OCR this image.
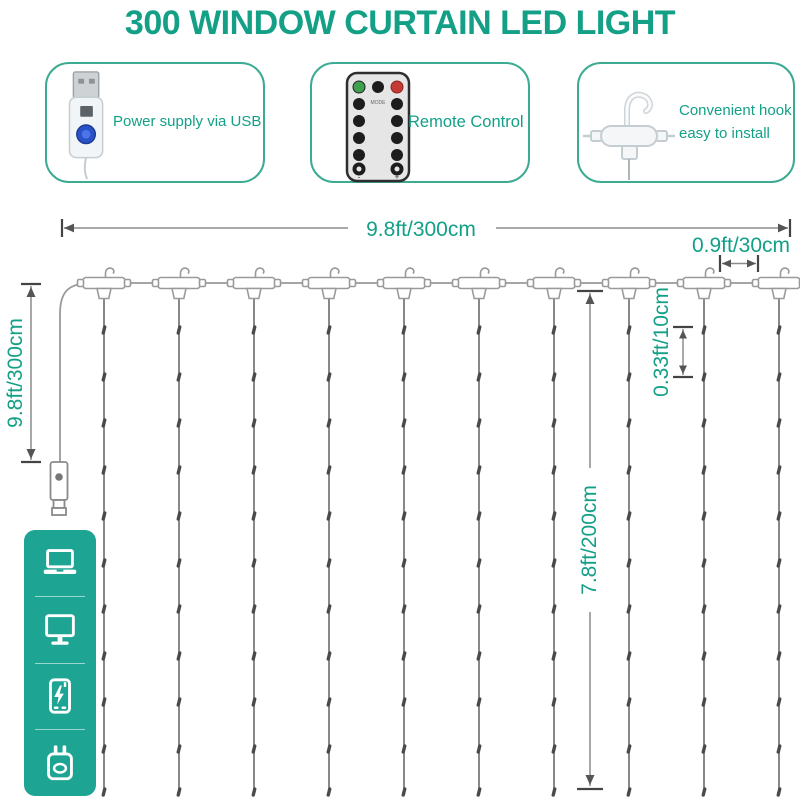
300 WINDOW CURTAIN LED LIGHT
Power supply via USB
MODE
-	+
Remote Control
Convenient hook
easy to install
9.8ft/300cm
0.9ft/30cm
9.8ft/300cm	0.33ft/10cm
7.8ft/200cm
